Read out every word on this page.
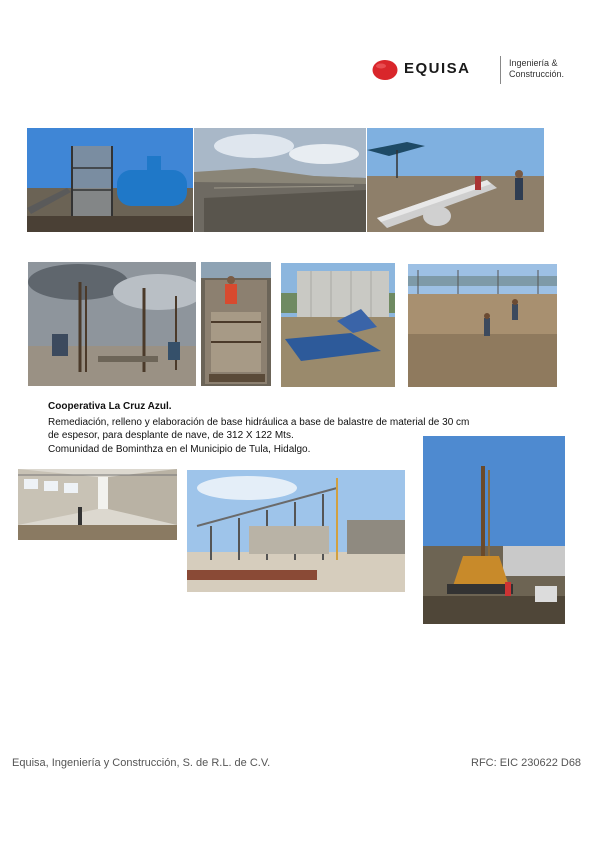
EQUISA	Ingeniería &
Construcción.
Cooperativa La Cruz Azul.
Remediación, relleno y elaboración de base hidráulica a base de balastre de material de 30 cm
de espesor, para desplante de nave, de 312 X 122 Mts.
Comunidad de Bominthza en el Municipio de Tula, Hidalgo.
Equisa, Ingeniería y Construcción, S. de R.L. de C.V.	RFC: EIC 230622 D68
